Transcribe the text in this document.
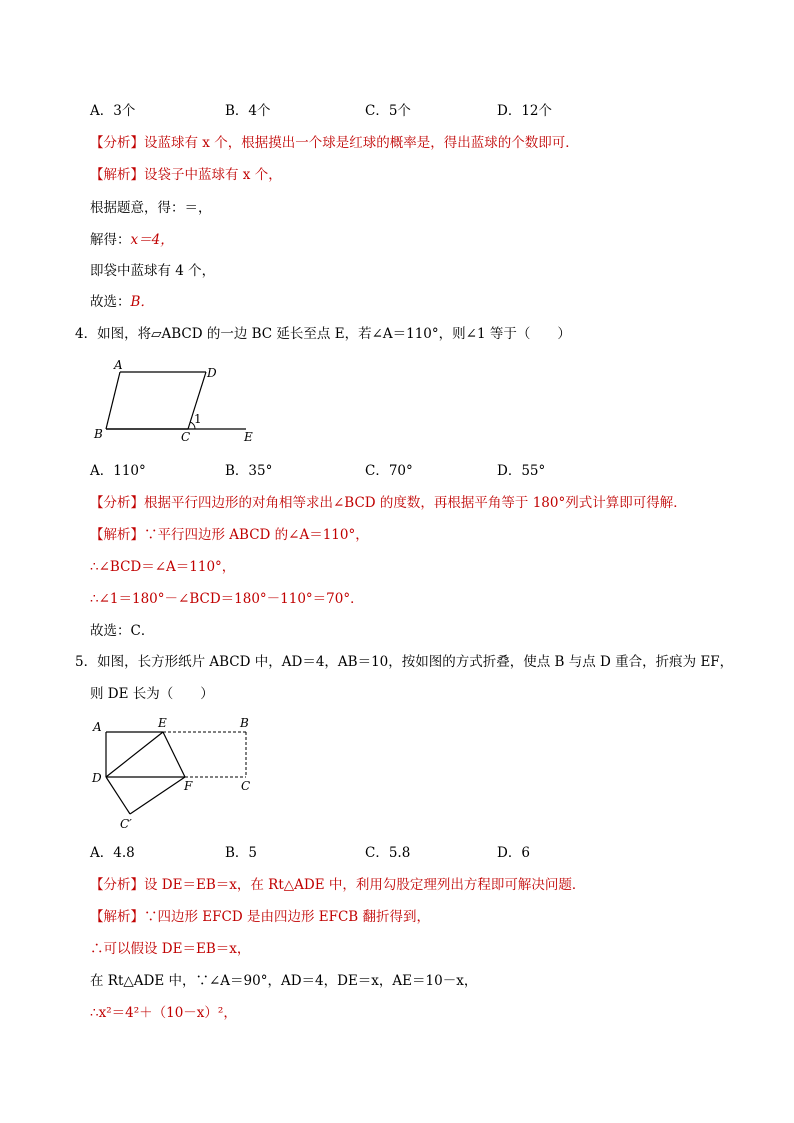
A．3个	B．4个	C．5个	D．12个
【分析】设蓝球有 x 个，根据摸出一个球是红球的概率是，得出蓝球的个数即可．
【解析】设袋子中蓝球有 x 个，
根据题意，得：＝，
解得：x＝4，
即袋中蓝球有 4 个，
故选：B．
4．如图，将▱ABCD 的一边 BC 延长至点 E，若∠A＝110°，则∠1 等于（　　）
A
D
B	C	E
1
A．110°	B．35°	C．70°	D．55°
【分析】根据平行四边形的对角相等求出∠BCD 的度数，再根据平角等于 180°列式计算即可得解．
【解析】∵平行四边形 ABCD 的∠A＝110°，
∴∠BCD＝∠A＝110°，
∴∠1＝180°－∠BCD＝180°－110°＝70°．
故选：C．
5．如图，长方形纸片 ABCD 中，AD＝4，AB＝10，按如图的方式折叠，使点 B 与点 D 重合，折痕为 EF，
则 DE 长为（　　）
A	E	B
D
F	C
C′
A．4.8	B．5	C．5.8	D．6
【分析】设 DE＝EB＝x，在 Rt△ADE 中，利用勾股定理列出方程即可解决问题．
【解析】∵四边形 EFCD 是由四边形 EFCB 翻折得到，
∴可以假设 DE＝EB＝x，
在 Rt△ADE 中，∵∠A＝90°，AD＝4，DE＝x，AE＝10－x，
∴x²＝4²＋（10－x）²，
